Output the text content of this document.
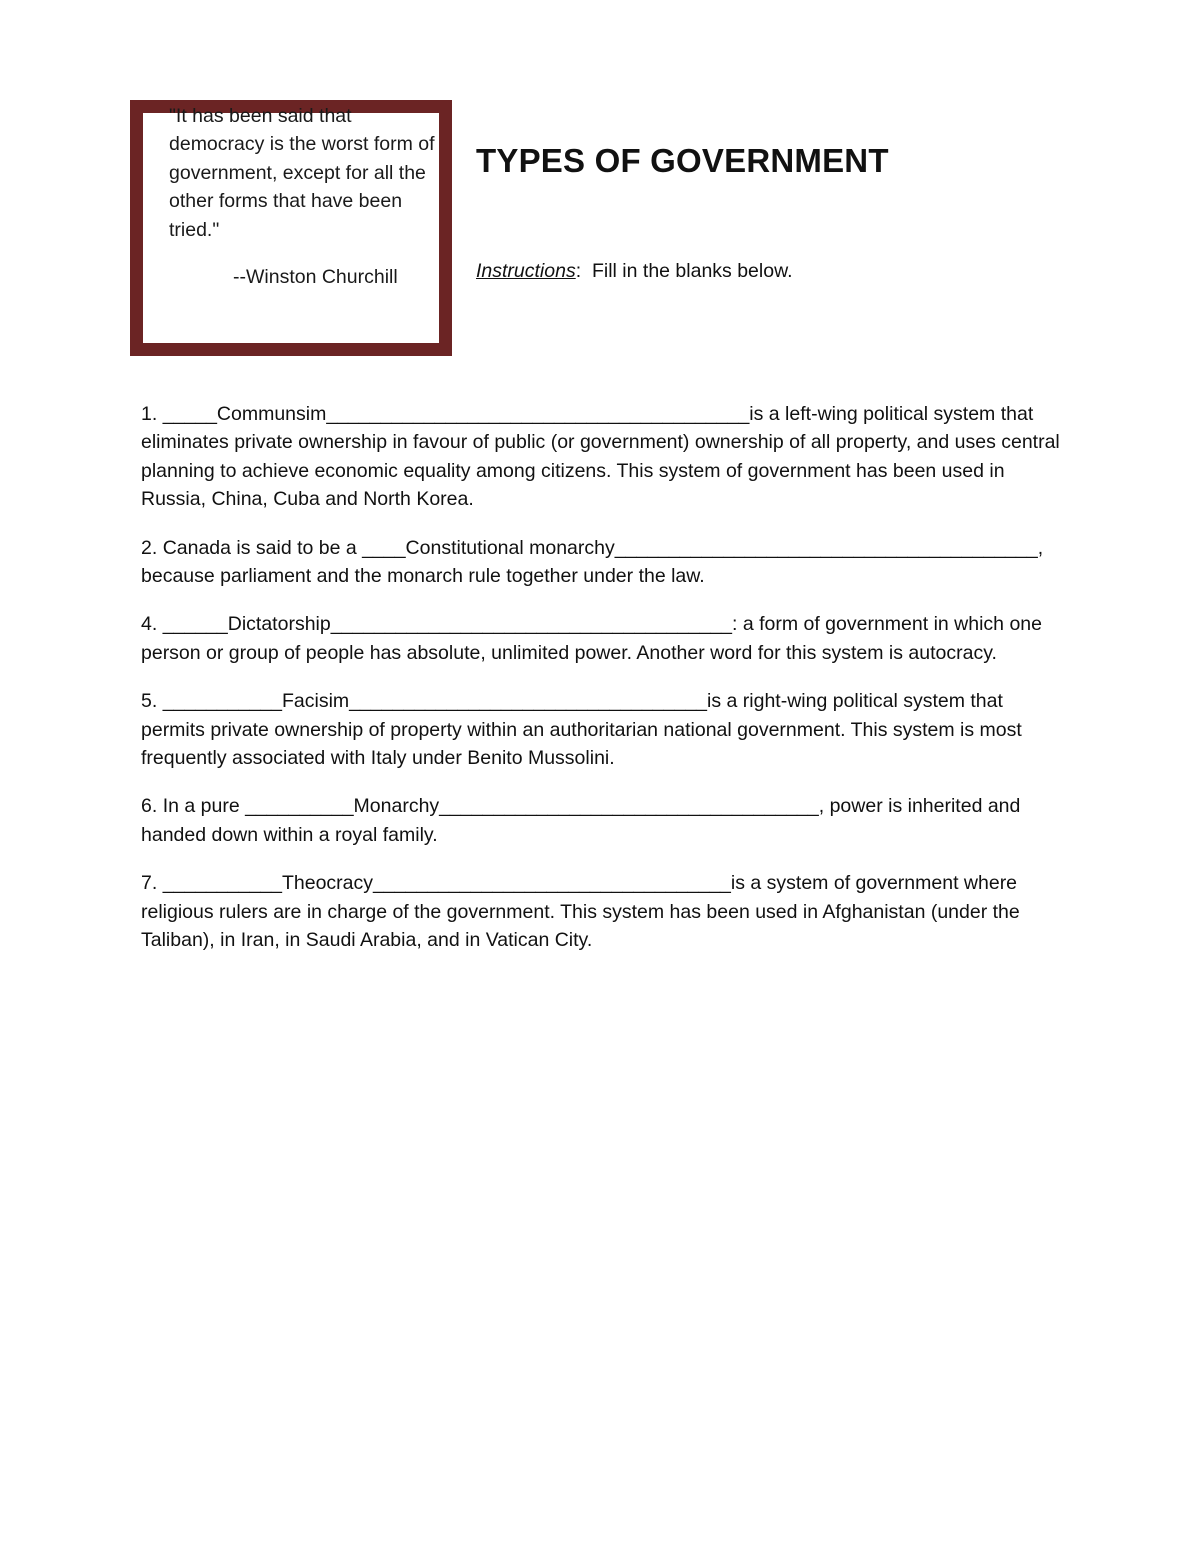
"It has been said that democracy is the worst form of government, except for all the other forms that have been tried."
--Winston Churchill
TYPES OF GOVERNMENT
Instructions: Fill in the blanks below.

1. _____Communsim_______________________________________is a left-wing political system that eliminates private ownership in favour of public (or government) ownership of all property, and uses central planning to achieve economic equality among citizens. This system of government has been used in Russia, China, Cuba and North Korea.

2. Canada is said to be a ____Constitutional monarchy_______________________________________, because parliament and the monarch rule together under the law.

4. ______Dictatorship_____________________________________: a form of government in which one person or group of people has absolute, unlimited power. Another word for this system is autocracy.

5. ___________Facisim_________________________________is a right-wing political system that permits private ownership of property within an authoritarian national government. This system is most frequently associated with Italy under Benito Mussolini.

6. In a pure __________Monarchy___________________________________, power is inherited and handed down within a royal family.

7. ___________Theocracy_________________________________is a system of government where religious rulers are in charge of the government. This system has been used in Afghanistan (under the Taliban), in Iran, in Saudi Arabia, and in Vatican City.
